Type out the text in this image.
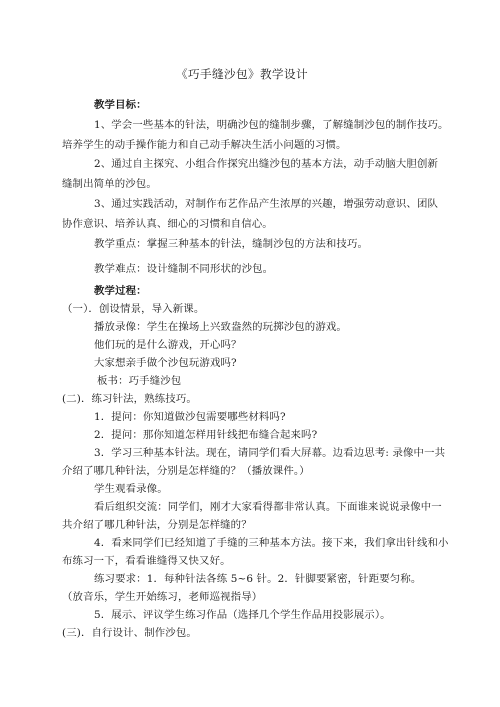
《巧手缝沙包》教学设计
教学目标：
1、学会一些基本的针法，明确沙包的缝制步骤，了解缝制沙包的制作技巧。
培养学生的动手操作能力和自己动手解决生活小问题的习惯。
2、通过自主探究、小组合作探究出缝沙包的基本方法，动手动脑大胆创新
缝制出简单的沙包。
3、通过实践活动，对制作布艺作品产生浓厚的兴趣，增强劳动意识、团队
协作意识、培养认真、细心的习惯和自信心。
教学重点：掌握三种基本的针法，缝制沙包的方法和技巧。
教学难点：设计缝制不同形状的沙包。
教学过程：
（一）．创设情景，导入新课。
播放录像：学生在操场上兴致盎然的玩掷沙包的游戏。
他们玩的是什么游戏，开心吗？
大家想亲手做个沙包玩游戏吗?
板书：巧手缝沙包
(二)．练习针法，熟练技巧。
1．提问：你知道做沙包需要哪些材料吗?
2．提问：那你知道怎样用针线把布缝合起来吗?
3．学习三种基本针法。现在，请同学们看大屏幕。边看边思考: 录像中一共
介绍了哪几种针法，分别是怎样缝的？（播放课件。）
学生观看录像。
看后组织交流：同学们，刚才大家看得都非常认真。下面谁来说说录像中一
共介绍了哪几种针法，分别是怎样缝的？
4．看来同学们已经知道了手缝的三种基本方法。接下来，我们拿出针线和小
布练习一下，看看谁缝得又快又好。
练习要求：1．每种针法各练 5~6 针。2．针脚要紧密，针距要匀称。
（放音乐，学生开始练习，老师巡视指导）
5．展示、评议学生练习作品（选择几个学生作品用投影展示）。
(三)．自行设计、制作沙包。
